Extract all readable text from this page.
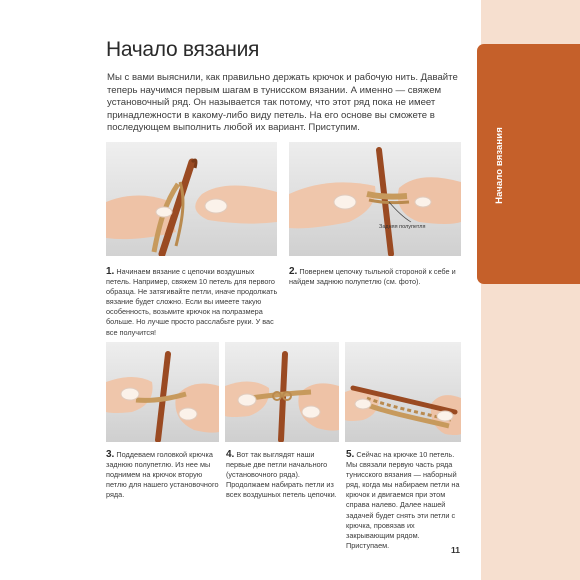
Начало вязания
Начало вязания

Мы с вами выяснили, как правильно держать крючок и рабочую нить. Давайте теперь научимся первым шагам в тунисском вязании. А именно — свяжем установочный ряд. Он называется так потому, что этот ряд пока не имеет принадлежности в какому-либо виду петель. На его основе вы сможете в последующем выполнить любой их вариант. Приступим.

Задняя полупетля
1. Начинаем вязание с цепочки воздушных петель. Например, свяжем 10 петель для первого образца. Не затягивайте петли, иначе продолжать вязание будет сложно. Если вы имеете такую особенность, возьмите крючок на полразмера больше. Но лучше просто расслабьте руки. У вас все получится!
2. Повернем цепочку тыльной стороной к себе и найдем заднюю полупетлю (см. фото).
3. Поддеваем головкой крючка заднюю полупетлю. Из нее мы поднимем на крючок вторую петлю для нашего установочного ряда.
4. Вот так выглядят наши первые две петли начального (установочного ряда). Продолжаем набирать петли из всех воздушных петель цепочки.
5. Сейчас на крючке 10 петель. Мы связали первую часть ряда тунисского вязания — наборный ряд, когда мы набираем петли на крючок и двигаемся при этом справа налево. Далее нашей задачей будет снять эти петли с крючка, провязав их закрывающим рядом. Приступаем.	11
